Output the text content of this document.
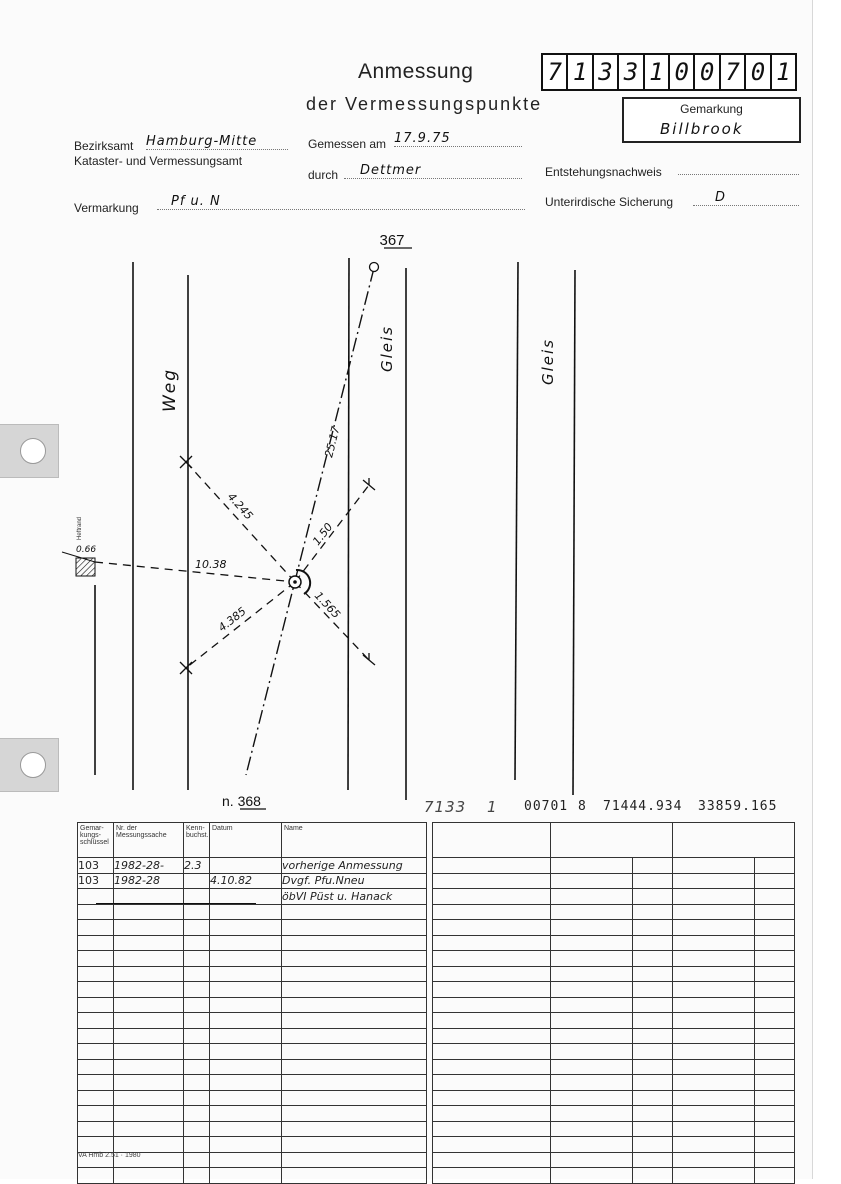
Anmessung
der Vermessungspunkte
7 1 3 3 1 0 0 7 0 1
Gemarkung
Billbrook
Bezirksamt Hamburg-Mitte
Kataster- und Vermessungsamt
Gemessen am 17.9.75
durch	Dettmer	Entstehungsnachweis
Vermarkung	Pf u. N	Unterirdische Sicherung	D
367
n. 368
Weg
Gleis	Gleis
25.17
4.245
1.50
10.38
0.66
4.385	1.565
Heftrand
7133 1 00701 8 71444.934 33859.165
Gemar-kungs-schlüssel	Nr. der Messungssache	Kenn-buchst.	Datum	Name
103	1982-28-	2.3		vorherige Anmessung
103	1982-28		4.10.82	Dvgf. Pfu.Nneu
				öbVI Püst u. Hanack

VA Hmb 2.51 · 1980
